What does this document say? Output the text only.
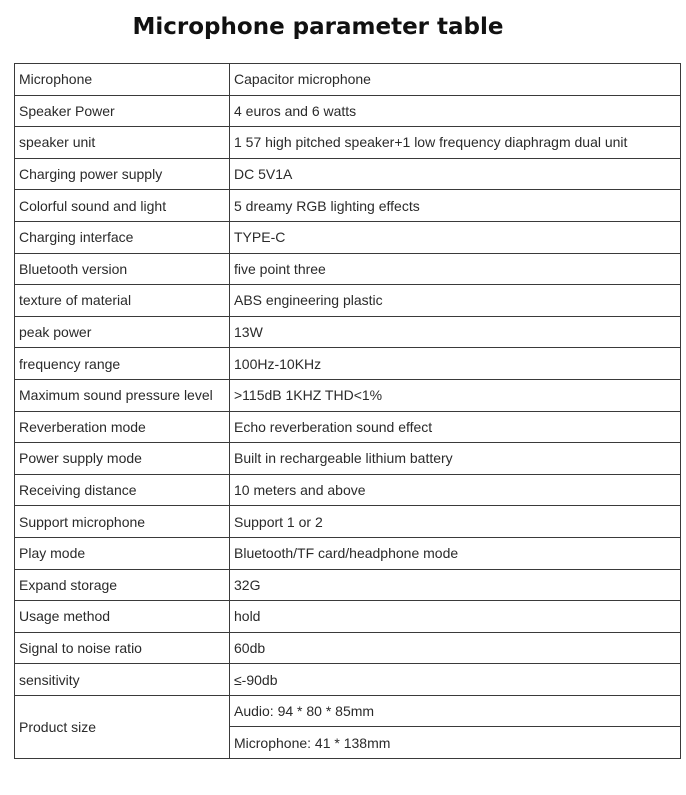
Microphone parameter table
Microphone	Capacitor microphone
Speaker Power	4 euros and 6 watts
speaker unit	1 57 high pitched speaker+1 low frequency diaphragm dual unit
Charging power supply	DC 5V1A
Colorful sound and light	5 dreamy RGB lighting effects
Charging interface	TYPE-C
Bluetooth version	five point three
texture of material	ABS engineering plastic
peak power	13W
frequency range	100Hz-10KHz
Maximum sound pressure level	>115dB 1KHZ THD<1%
Reverberation mode	Echo reverberation sound effect
Power supply mode	Built in rechargeable lithium battery
Receiving distance	10 meters and above
Support microphone	Support 1 or 2
Play mode	Bluetooth/TF card/headphone mode
Expand storage	32G
Usage method	hold
Signal to noise ratio	60db
sensitivity	≤-90db
Product size	Audio: 94 * 80 * 85mm
	Microphone: 41 * 138mm
